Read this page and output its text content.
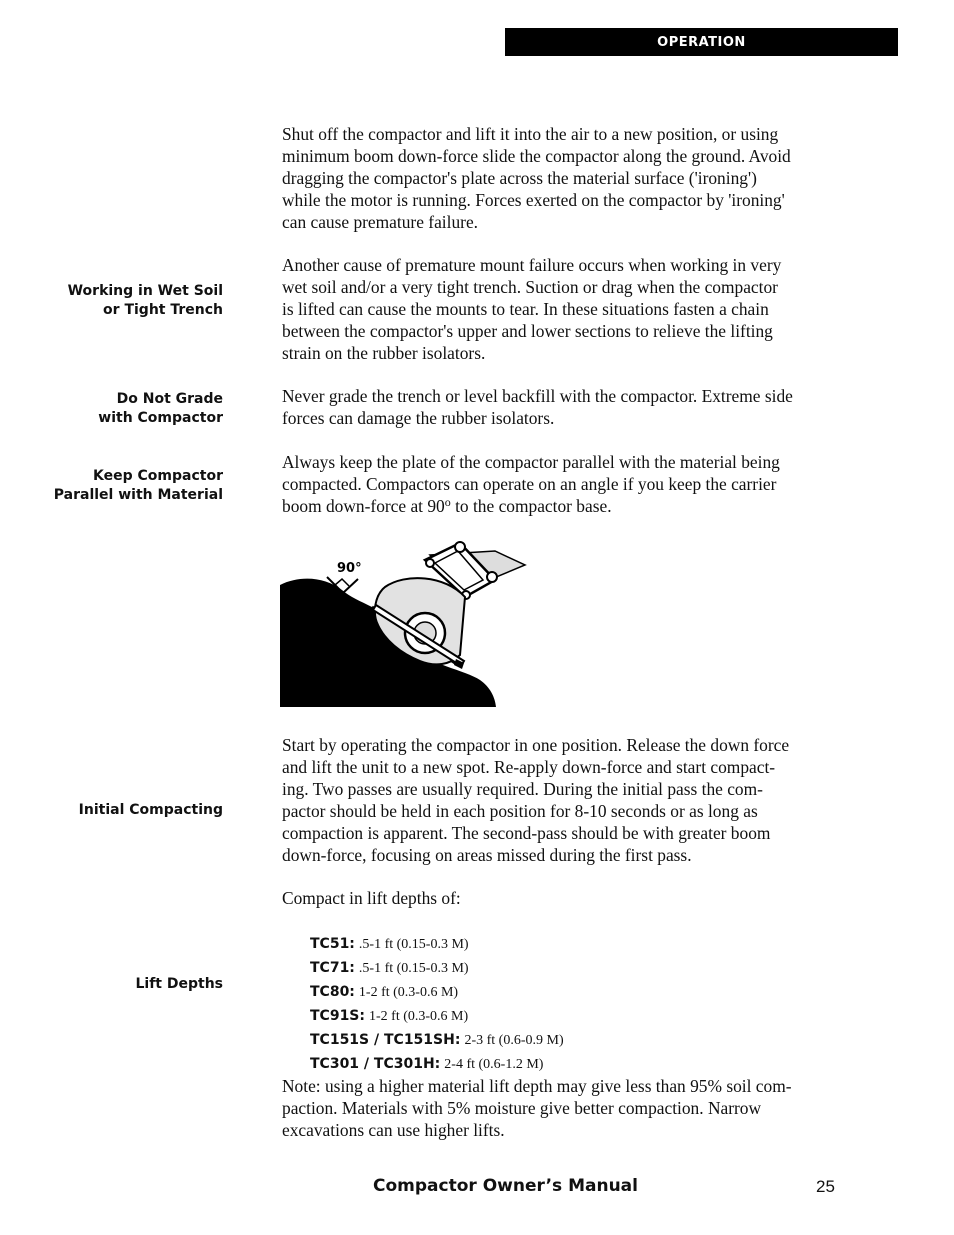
OPERATION
Working in Wet Soil
or Tight Trench
Do Not Grade
with Compactor
Keep Compactor
Parallel with Material
Initial Compacting
Lift Depths
Shut off the compactor and lift it into the air to a new position, or using
minimum boom down-force slide the compactor along the ground. Avoid
dragging the compactor's plate across the material surface ('ironing')
while the motor is running. Forces exerted on the compactor by 'ironing'
can cause premature failure.
Another cause of premature mount failure occurs when working in very
wet soil and/or a very tight trench. Suction or drag when the compactor
is lifted can cause the mounts to tear. In these situations fasten a chain
between the compactor's upper and lower sections to relieve the lifting
strain on the rubber isolators.
Never grade the trench or level backfill with the compactor. Extreme side
forces can damage the rubber isolators.
Always keep the plate of the compactor parallel with the material being
compacted. Compactors can operate on an angle if you keep the carrier
boom down-force at 90$^o$ to the compactor base.
90°
Start by operating the compactor in one position. Release the down force
and lift the unit to a new spot. Re-apply down-force and start compact-
ing. Two passes are usually required. During the initial pass the com-
pactor should be held in each position for 8-10 seconds or as long as
compaction is apparent. The second-pass should be with greater boom
down-force, focusing on areas missed during the first pass.
Compact in lift depths of:
TC51: .5-1 ft (0.15-0.3 M)
TC71: .5-1 ft (0.15-0.3 M)
TC80: 1-2 ft (0.3-0.6 M)
TC91S: 1-2 ft (0.3-0.6 M)
TC151S / TC151SH: 2-3 ft (0.6-0.9 M)
TC301 / TC301H: 2-4 ft (0.6-1.2 M)
Note: using a higher material lift depth may give less than 95% soil com-
paction. Materials with 5% moisture give better compaction. Narrow
excavations can use higher lifts.
Compactor Owner’s Manual	25
